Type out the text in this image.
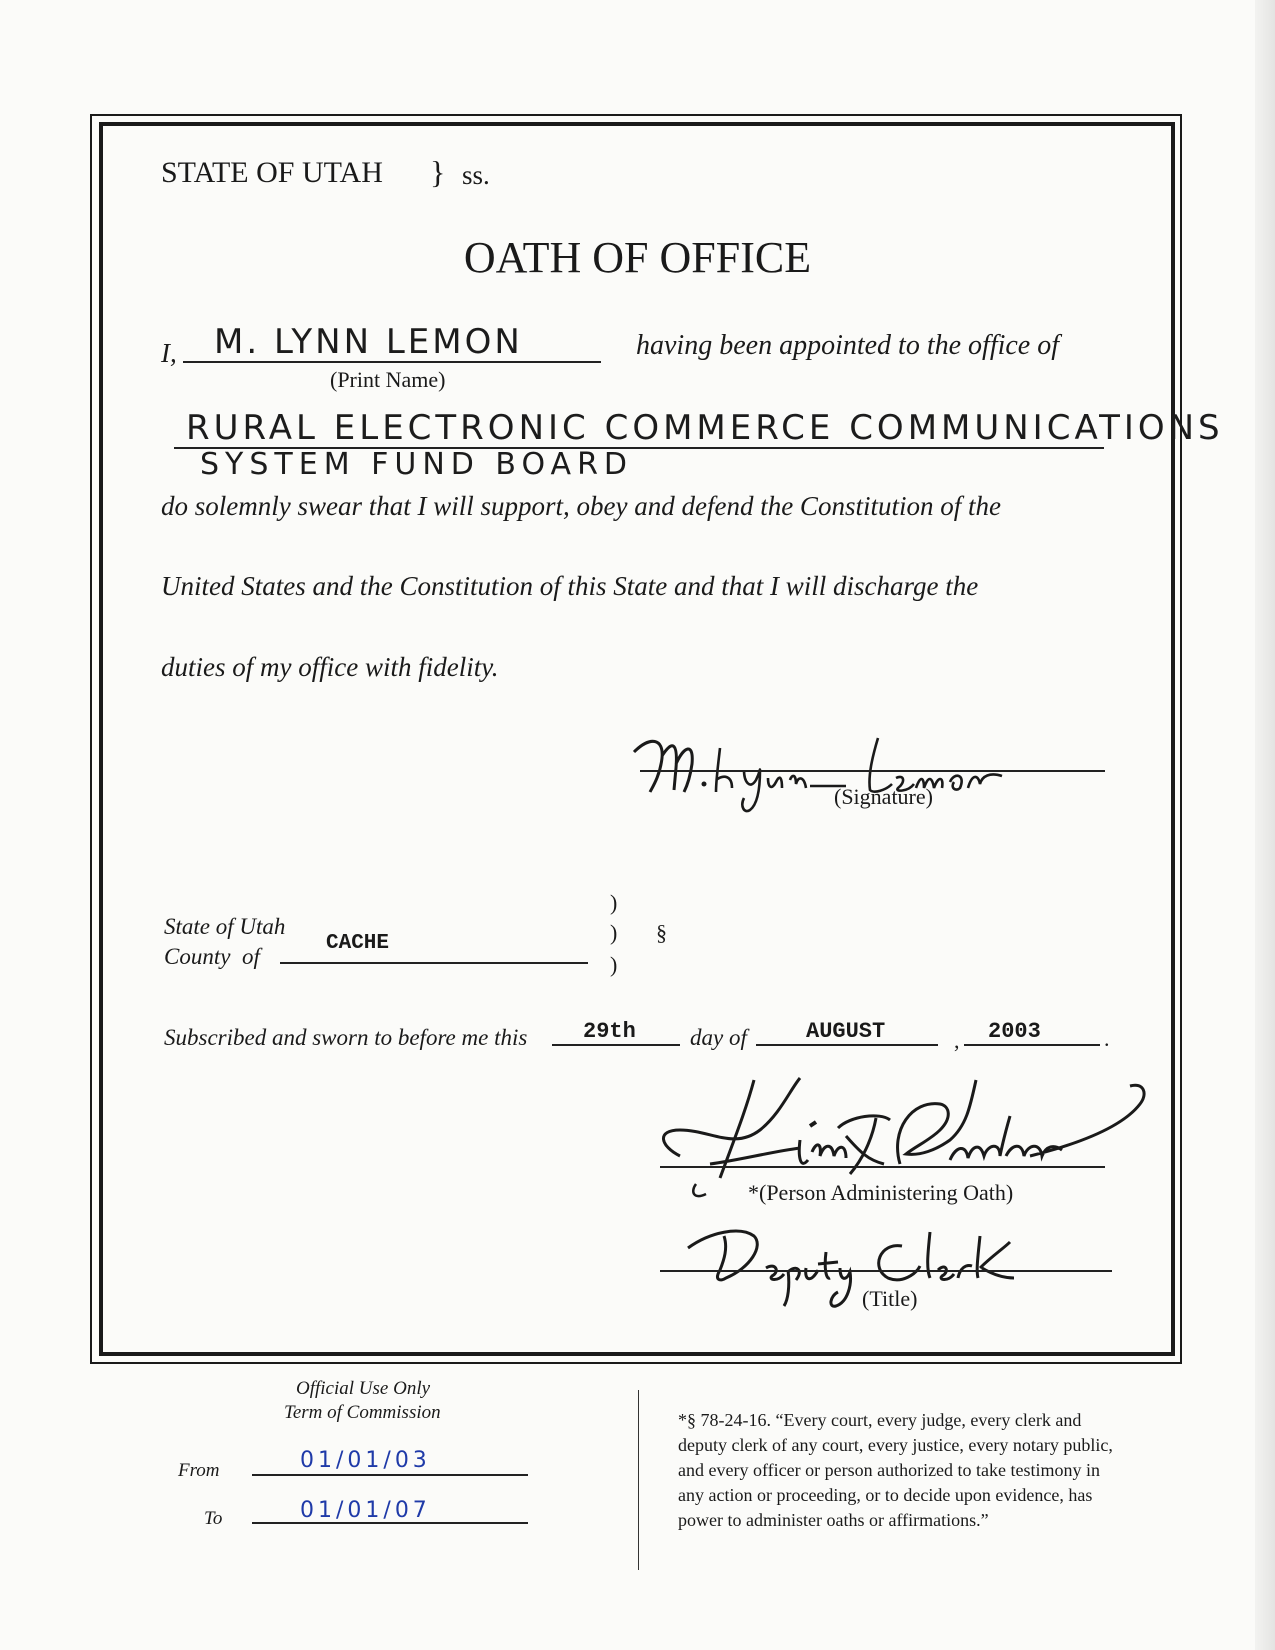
STATE OF UTAH } ss.
OATH OF OFFICE
I, M. LYNN LEMON
(Print Name)
having been appointed to the office of
RURAL ELECTRONIC COMMERCE COMMUNICATIONS
SYSTEM FUND BOARD
do solemnly swear that I will support, obey and defend the Constitution of the
United States and the Constitution of this State and that I will discharge the
duties of my office with fidelity.
(Signature)
)
)
)
§
State of Utah
County  of
CACHE
Subscribed and sworn to before me this	29th day of	AUGUST	, 2003	.
*(Person Administering Oath)
(Title)
Official Use Only
Term of Commission
From	01/01/03
To	01/01/07
*§ 78-24-16. “Every court, every judge, every clerk and
deputy clerk of any court, every justice, every notary public,
and every officer or person authorized to take testimony in
any action or proceeding, or to decide upon evidence, has
power to administer oaths or affirmations.”
